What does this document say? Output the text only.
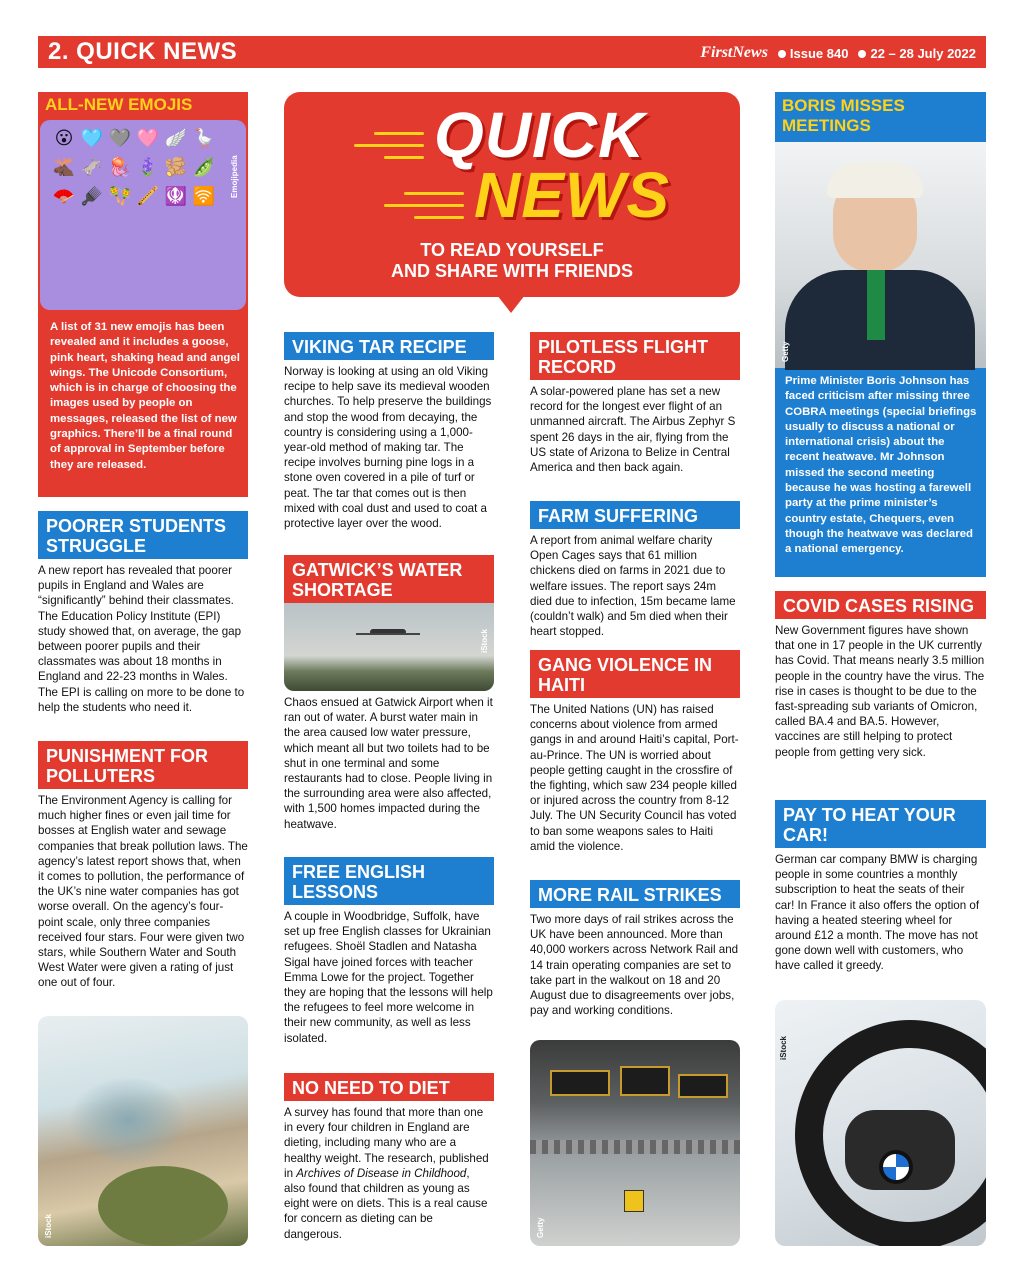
2. QUICK NEWS	FirstNews	Issue 840	22 – 28 July 2022
ALL-NEW EMOJIS
😮 🩵 🩶 🩷 🪽 🪿
🫎 🫏 🪼 🪻 🫚 🫛
🪭 🪮 🪇 🪈 🪯 🛜 Emojipedia
A list of 31 new emojis has been revealed and it includes a goose, pink heart, shaking head and angel wings. The Unicode Consortium, which is in charge of choosing the images used by people on messages, released the list of new graphics. There’ll be a final round of approval in September before they are released.
POORER STUDENTS STRUGGLE
A new report has revealed that poorer pupils in England and Wales are “significantly” behind their classmates. The Education Policy Institute (EPI) study showed that, on average, the gap between poorer pupils and their classmates was about 18 months in England and 22-23 months in Wales. The EPI is calling on more to be done to help the students who need it.
PUNISHMENT FOR POLLUTERS
The Environment Agency is calling for much higher fines or even jail time for bosses at English water and sewage companies that break pollution laws. The agency’s latest report shows that, when it comes to pollution, the performance of the UK’s nine water companies has got worse overall. On the agency’s four-point scale, only three companies received four stars. Four were given two stars, while Southern Water and South West Water were given a rating of just one out of four.
iStock
QUICK
NEWS
TO READ YOURSELF
AND SHARE WITH FRIENDS
VIKING TAR RECIPE
Norway is looking at using an old Viking recipe to help save its medieval wooden churches. To help preserve the buildings and stop the wood from decaying, the country is considering using a 1,000-year-old method of making tar. The recipe involves burning pine logs in a stone oven covered in a pile of turf or peat. The tar that comes out is then mixed with coal dust and used to coat a protective layer over the wood.
GATWICK’S WATER SHORTAGE
iStock
Chaos ensued at Gatwick Airport when it ran out of water. A burst water main in the area caused low water pressure, which meant all but two toilets had to be shut in one terminal and some restaurants had to close. People living in the surrounding area were also affected, with 1,500 homes impacted during the heatwave.
FREE ENGLISH LESSONS
A couple in Woodbridge, Suffolk, have set up free English classes for Ukrainian refugees. Shoël Stadlen and Natasha Sigal have joined forces with teacher Emma Lowe for the project. Together they are hoping that the lessons will help the refugees to feel more welcome in their new community, as well as less isolated.
NO NEED TO DIET
A survey has found that more than one in every four children in England are dieting, including many who are a healthy weight. The research, published in Archives of Disease in Childhood, also found that children as young as eight were on diets. This is a real cause for concern as dieting can be dangerous.
PILOTLESS FLIGHT RECORD
A solar-powered plane has set a new record for the longest ever flight of an unmanned aircraft. The Airbus Zephyr S spent 26 days in the air, flying from the US state of Arizona to Belize in Central America and then back again.
FARM SUFFERING
A report from animal welfare charity Open Cages says that 61 million chickens died on farms in 2021 due to welfare issues. The report says 24m died due to infection, 15m became lame (couldn’t walk) and 5m died when their heart stopped.
GANG VIOLENCE IN HAITI
The United Nations (UN) has raised concerns about violence from armed gangs in and around Haiti’s capital, Port-au-Prince. The UN is worried about people getting caught in the crossfire of the fighting, which saw 234 people killed or injured across the country from 8-12 July. The UN Security Council has voted to ban some weapons sales to Haiti amid the violence.
MORE RAIL STRIKES
Two more days of rail strikes across the UK have been announced. More than 40,000 workers across Network Rail and 14 train operating companies are set to take part in the walkout on 18 and 20 August due to disagreements over jobs, pay and working conditions.
Getty
BORIS MISSES MEETINGS
Getty
Prime Minister Boris Johnson has faced criticism after missing three COBRA meetings (special briefings usually to discuss a national or international crisis) about the recent heatwave. Mr Johnson missed the second meeting because he was hosting a farewell party at the prime minister’s country estate, Chequers, even though the heatwave was declared a national emergency.
COVID CASES RISING
New Government figures have shown that one in 17 people in the UK currently has Covid. That means nearly 3.5 million people in the country have the virus. The rise in cases is thought to be due to the fast-spreading sub variants of Omicron, called BA.4 and BA.5. However, vaccines are still helping to protect people from getting very sick.
PAY TO HEAT YOUR CAR!
German car company BMW is charging people in some countries a monthly subscription to heat the seats of their car! In France it also offers the option of having a heated steering wheel for around £12 a month. The move has not gone down well with customers, who have called it greedy.
iStock
